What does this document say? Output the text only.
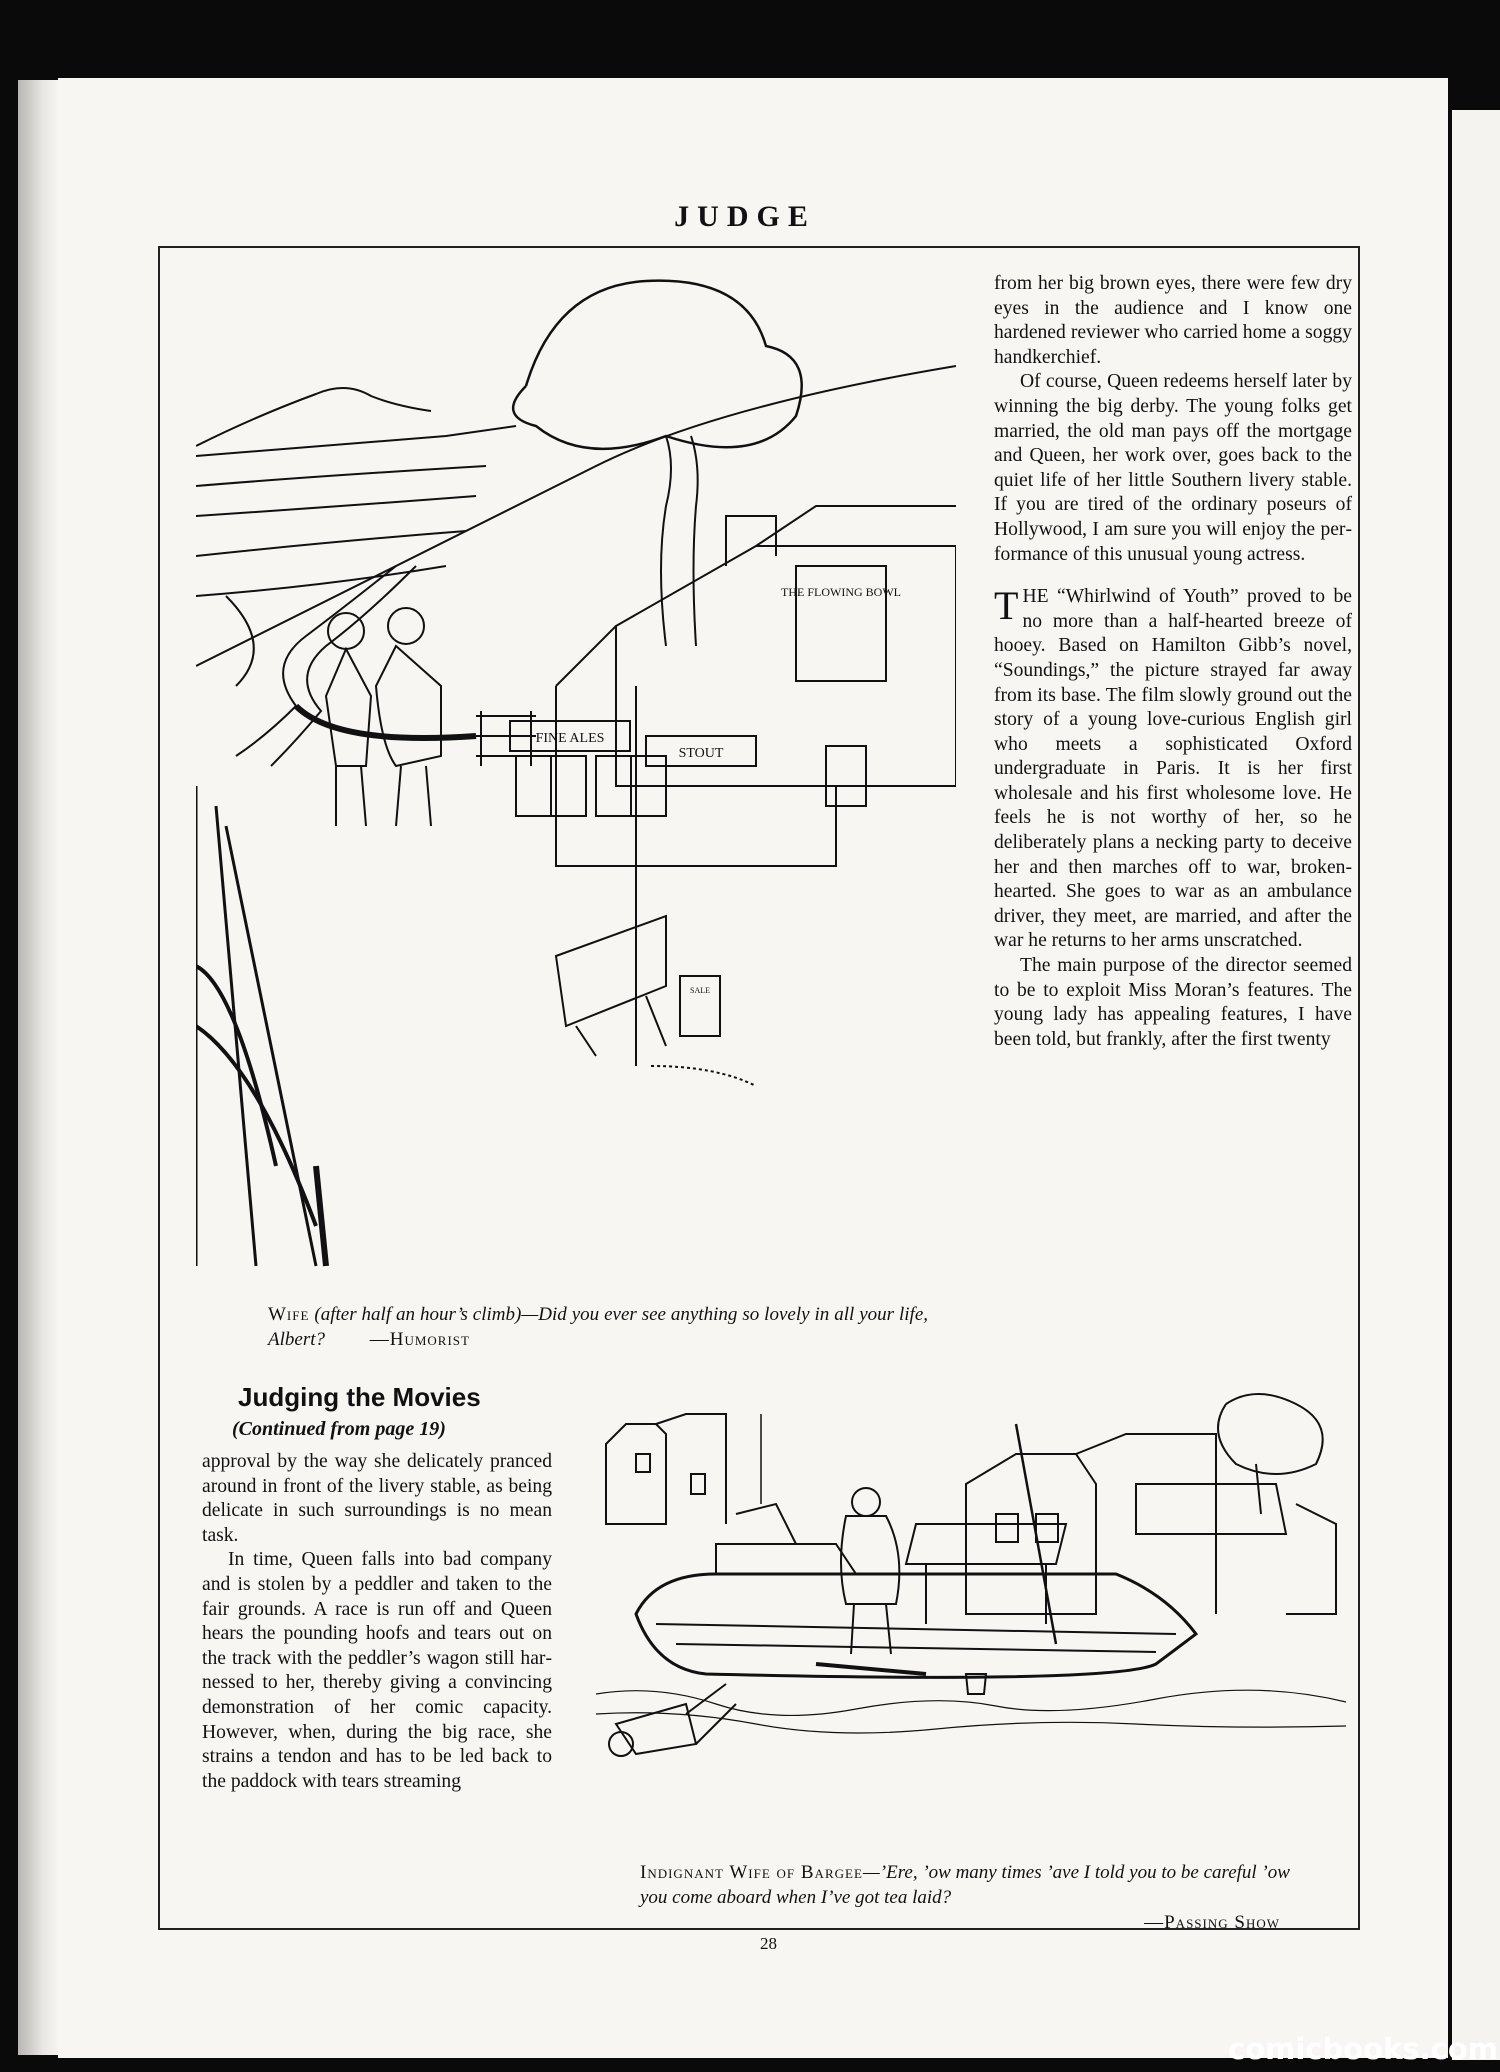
JUDGE
THE FLOWING BOWL
FINE ALES
STOUT
SALE
Wife (after half an hour’s climb)—Did you ever see anything so lovely in all your life, Albert? —Humorist

from her big brown eyes, there were few dry eyes in the audience and I know one hardened reviewer who carried home a soggy handkerchief.

Of course, Queen redeems herself later by winning the big derby. The young folks get married, the old man pays off the mortgage and Queen, her work over, goes back to the quiet life of her little Southern livery stable. If you are tired of the ordinary poseurs of Hollywood, I am sure you will enjoy the performance of this unusual young actress.

THE “Whirlwind of Youth” proved to be no more than a half-hearted breeze of hooey. Based on Hamilton Gibb’s novel, “Soundings,” the picture strayed far away from its base. The film slowly ground out the story of a young love-curious English girl who meets a sophisticated Oxford undergraduate in Paris. It is her first wholesale and his first wholesome love. He feels he is not worthy of her, so he deliberately plans a necking party to deceive her and then marches off to war, broken-hearted. She goes to war as an ambulance driver, they meet, are married, and after the war he returns to her arms unscratched.

The main purpose of the director seemed to be to exploit Miss Moran’s features. The young lady has appealing features, I have been told, but frankly, after the first twenty

Judging the Movies
(Continued from page 19)

approval by the way she delicately pranced around in front of the livery stable, as being delicate in such surroundings is no mean task.

In time, Queen falls into bad company and is stolen by a peddler and taken to the fair grounds. A race is run off and Queen hears the pounding hoofs and tears out on the track with the peddler’s wagon still harnessed to her, thereby giving a convincing demonstration of her comic capacity. However, when, during the big race, she strains a tendon and has to be led back to the paddock with tears streaming

Indignant Wife of Bargee—’Ere, ’ow many times ’ave I told you to be careful ’ow you come aboard when I’ve got tea laid?
—Passing Show
28
comicbooks.com
